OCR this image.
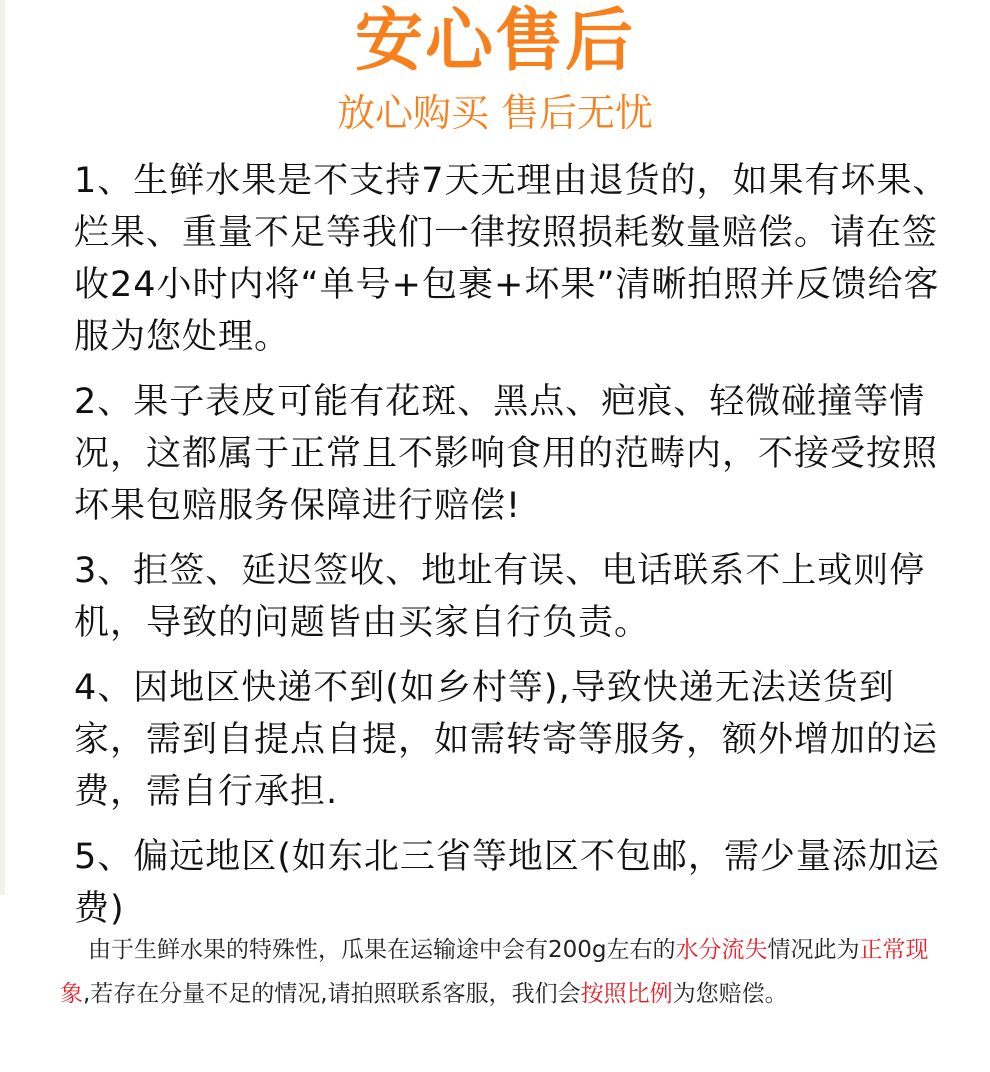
安心售后
放心购买 售后无忧

1、生鲜水果是不支持7天无理由退货的，如果有坏果、烂果、重量不足等我们一律按照损耗数量赔偿。请在签收24小时内将“单号+包裹+坏果”清晰拍照并反馈给客服为您处理。

2、果子表皮可能有花斑、黑点、疤痕、轻微碰撞等情况，这都属于正常且不影响食用的范畴内，不接受按照坏果包赔服务保障进行赔偿!

3、拒签、延迟签收、地址有误、电话联系不上或则停机，导致的问题皆由买家自行负责。

4、因地区快递不到(如乡村等),导致快递无法送货到家，需到自提点自提，如需转寄等服务，额外增加的运费，需自行承担.

5、偏远地区(如东北三省等地区不包邮，需少量添加运费)

由于生鲜水果的特殊性，瓜果在运输途中会有200g左右的水分流失情况此为正常现象,若存在分量不足的情况,请拍照联系客服，我们会按照比例为您赔偿。
